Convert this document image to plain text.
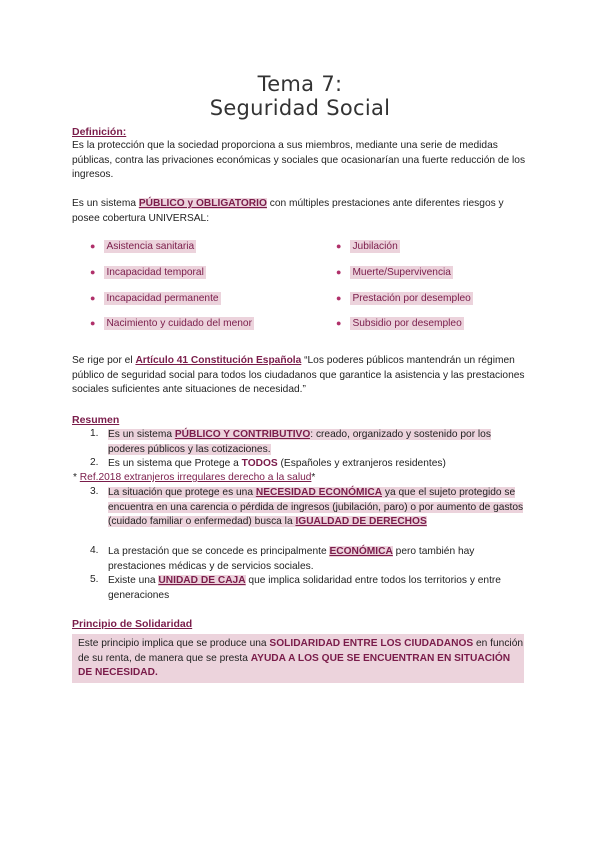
Tema 7:
Seguridad Social
Definición:
Es la protección que la sociedad proporciona a sus miembros, mediante una serie de medidas públicas, contra las privaciones económicas y sociales que ocasionarían una fuerte reducción de los ingresos.
Es un sistema PÚBLICO y OBLIGATORIO con múltiples prestaciones ante diferentes riesgos y posee cobertura UNIVERSAL:
● Asistencia sanitaria
● Incapacidad temporal
● Incapacidad permanente
● Nacimiento y cuidado del menor
● Jubilación
● Muerte/Supervivencia
● Prestación por desempleo
● Subsidio por desempleo
Se rige por el Artículo 41 Constitución Española “Los poderes públicos mantendrán un régimen público de seguridad social para todos los ciudadanos que garantice la asistencia y las prestaciones sociales suficientes ante situaciones de necesidad.”
Resumen
1. Es un sistema PÚBLICO Y CONTRIBUTIVO: creado, organizado y sostenido por los poderes públicos y las cotizaciones.
2. Es un sistema que Protege a TODOS (Españoles y extranjeros residentes)
* Ref.2018 extranjeros irregulares derecho a la salud*
3. La situación que protege es una NECESIDAD ECONÓMICA ya que el sujeto protegido se encuentra en una carencia o pérdida de ingresos (jubilación, paro) o por aumento de gastos (cuidado familiar o enfermedad) busca la IGUALDAD DE DERECHOS
4. La prestación que se concede es principalmente ECONÓMICA pero también hay prestaciones médicas y de servicios sociales.
5. Existe una UNIDAD DE CAJA que implica solidaridad entre todos los territorios y entre generaciones
Principio de Solidaridad
Este principio implica que se produce una SOLIDARIDAD ENTRE LOS CIUDADANOS en función de su renta, de manera que se presta AYUDA A LOS QUE SE ENCUENTRAN EN SITUACIÓN DE NECESIDAD.
